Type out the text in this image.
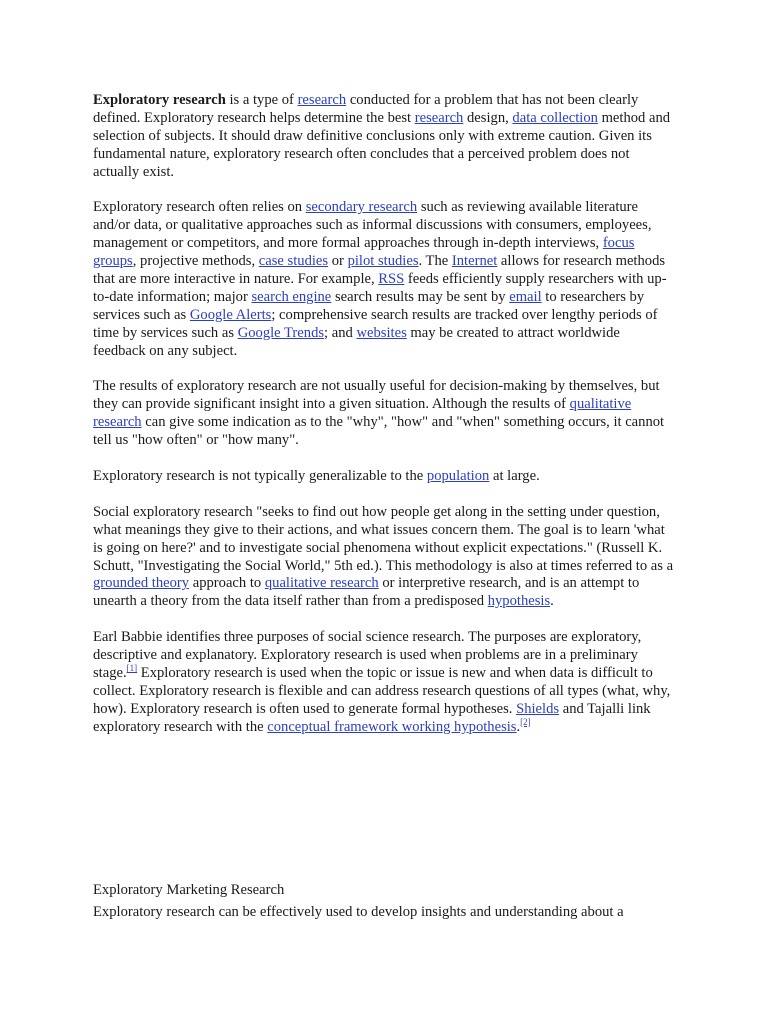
Exploratory research is a type of research conducted for a problem that has not been clearly defined. Exploratory research helps determine the best research design, data collection method and selection of subjects. It should draw definitive conclusions only with extreme caution. Given its fundamental nature, exploratory research often concludes that a perceived problem does not actually exist.

Exploratory research often relies on secondary research such as reviewing available literature and/or data, or qualitative approaches such as informal discussions with consumers, employees, management or competitors, and more formal approaches through in-depth interviews, focus groups, projective methods, case studies or pilot studies. The Internet allows for research methods that are more interactive in nature. For example, RSS feeds efficiently supply researchers with up-to-date information; major search engine search results may be sent by email to researchers by services such as Google Alerts; comprehensive search results are tracked over lengthy periods of time by services such as Google Trends; and websites may be created to attract worldwide feedback on any subject.

The results of exploratory research are not usually useful for decision-making by themselves, but they can provide significant insight into a given situation. Although the results of qualitative research can give some indication as to the "why", "how" and "when" something occurs, it cannot tell us "how often" or "how many".

Exploratory research is not typically generalizable to the population at large.

Social exploratory research "seeks to find out how people get along in the setting under question, what meanings they give to their actions, and what issues concern them. The goal is to learn 'what is going on here?' and to investigate social phenomena without explicit expectations." (Russell K. Schutt, "Investigating the Social World," 5th ed.). This methodology is also at times referred to as a grounded theory approach to qualitative research or interpretive research, and is an attempt to unearth a theory from the data itself rather than from a predisposed hypothesis.

Earl Babbie identifies three purposes of social science research. The purposes are exploratory, descriptive and explanatory. Exploratory research is used when problems are in a preliminary stage.[1] Exploratory research is used when the topic or issue is new and when data is difficult to collect. Exploratory research is flexible and can address research questions of all types (what, why, how). Exploratory research is often used to generate formal hypotheses. Shields and Tajalli link exploratory research with the conceptual framework working hypothesis.[2]

Exploratory Marketing Research
Exploratory research can be effectively used to develop insights and understanding about a
